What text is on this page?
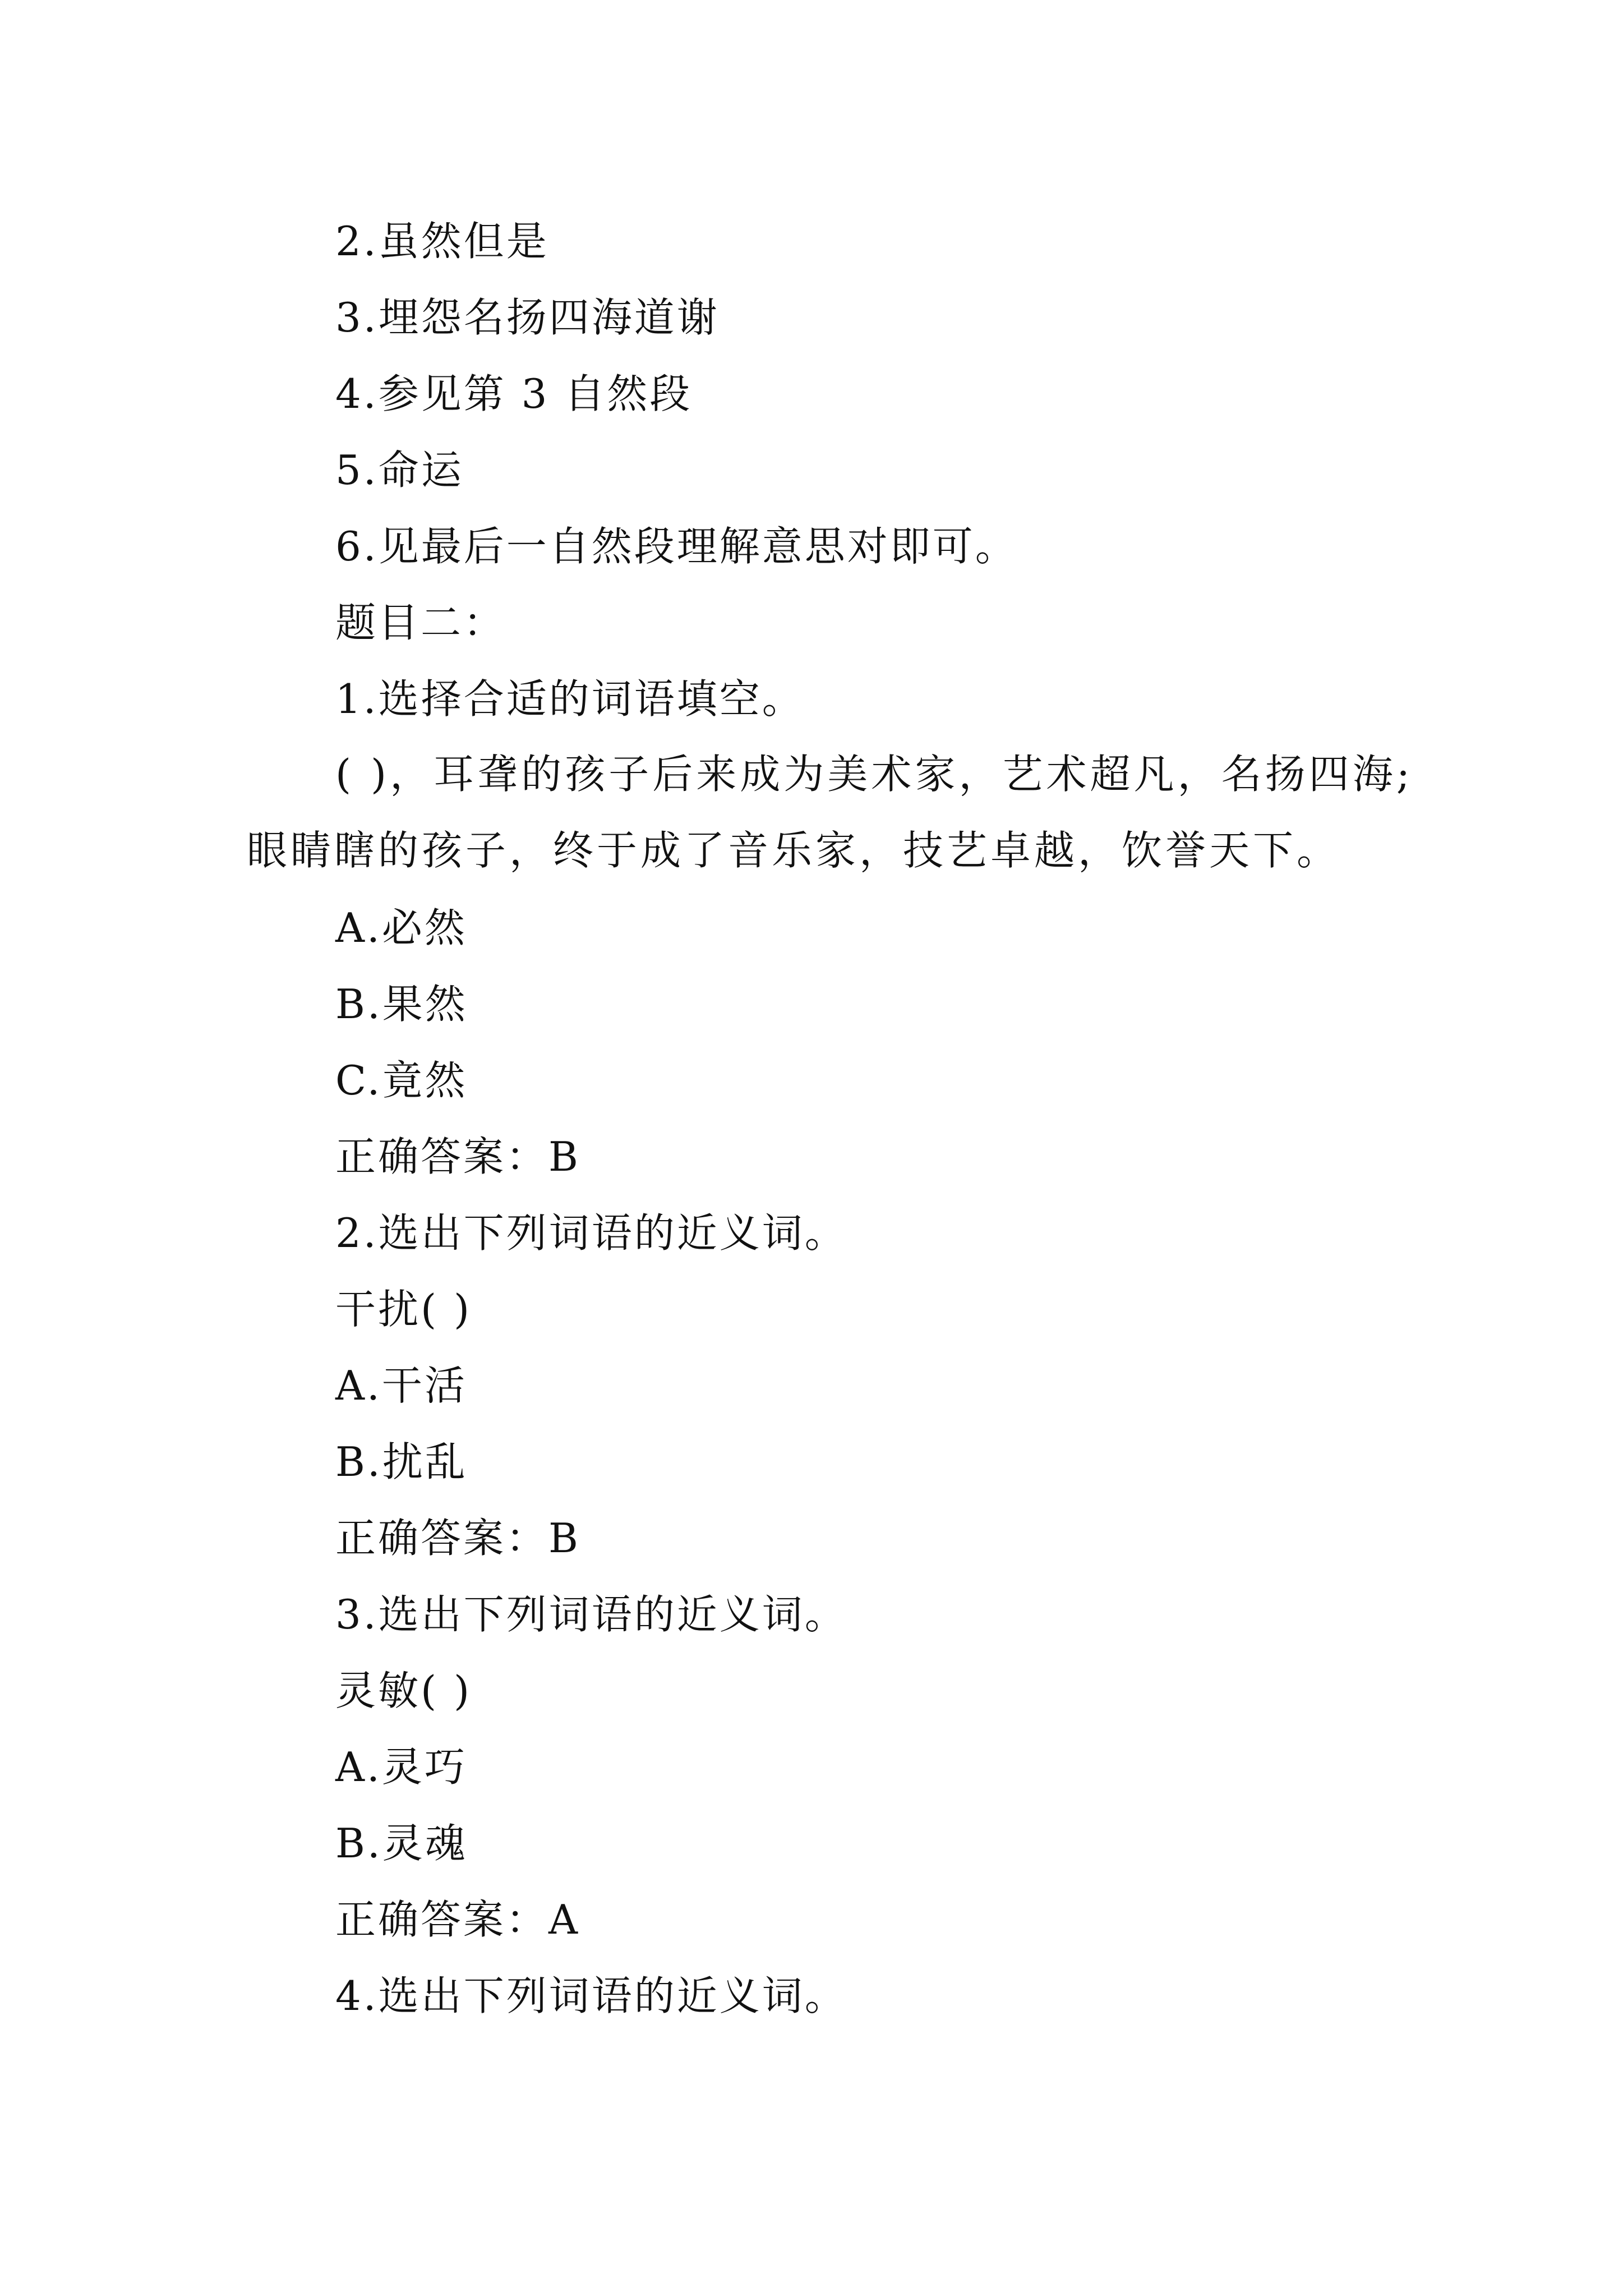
2.虽然但是
3.埋怨名扬四海道谢
4.参见第 3 自然段
5.命运
6.见最后一自然段理解意思对即可。
题目二：
1.选择合适的词语填空。
( )，耳聋的孩子后来成为美术家，艺术超凡，名扬四海;眼睛瞎的孩子，终于成了音乐家，技艺卓越，饮誉天下。
A.必然
B.果然
C.竟然
正确答案：B
2.选出下列词语的近义词。
干扰( )
A.干活
B.扰乱
正确答案：B
3.选出下列词语的近义词。
灵敏( )
A.灵巧
B.灵魂
正确答案：A
4.选出下列词语的近义词。
